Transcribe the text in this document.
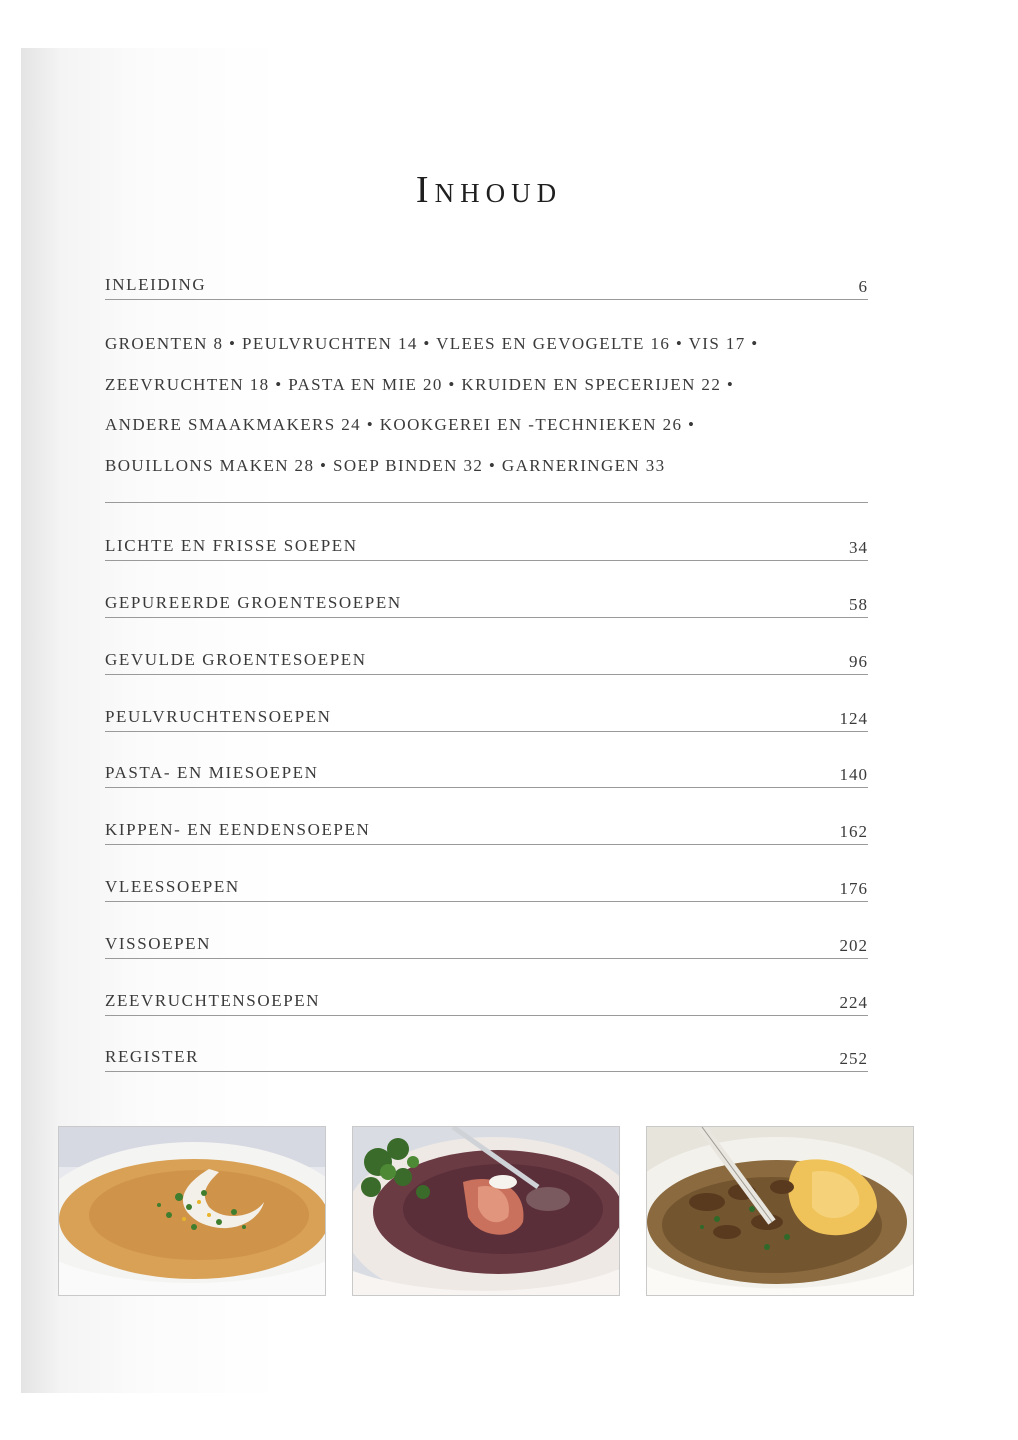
Inhoud
INLEIDING	6
GROENTEN 8 • PEULVRUCHTEN 14 • VLEES EN GEVOGELTE 16 • VIS 17 •
ZEEVRUCHTEN 18 • PASTA EN MIE 20 • KRUIDEN EN SPECERIJEN 22 •
ANDERE SMAAKMAKERS 24 • KOOKGEREI EN -TECHNIEKEN 26 •
BOUILLONS MAKEN 28 • SOEP BINDEN 32 • GARNERINGEN 33
LICHTE EN FRISSE SOEPEN	34
GEPUREERDE GROENTESOEPEN	58
GEVULDE GROENTESOEPEN	96
PEULVRUCHTENSOEPEN	124
PASTA- EN MIESOEPEN	140
KIPPEN- EN EENDENSOEPEN	162
VLEESSOEPEN	176
VISSOEPEN	202
ZEEVRUCHTENSOEPEN	224
REGISTER	252
